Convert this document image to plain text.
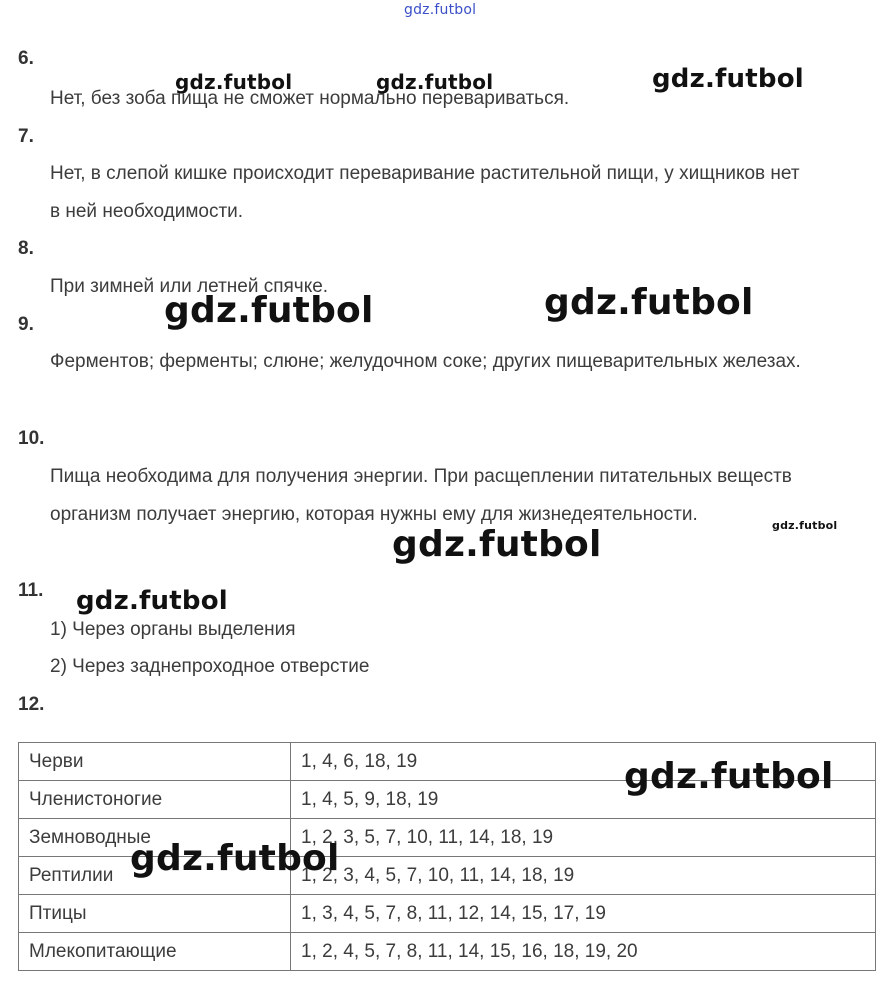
6.
Нет, без зоба пища не сможет нормально перевариваться.
7.
Нет, в слепой кишке происходит переваривание растительной пищи, у хищников нет в ней необходимости.
8.
При зимней или летней спячке.
9.
Ферментов; ферменты; слюне; желудочном соке; других пищеварительных железах.
10.
Пища необходима для получения энергии. При расщеплении питательных веществ организм получает энергию, которая нужны ему для жизнедеятельности.
11.
1) Через органы выделения
2) Через заднепроходное отверстие
12.
Черви	1, 4, 6, 18, 19
Членистоногие	1, 4, 5, 9, 18, 19
Земноводные	1, 2, 3, 5, 7, 10, 11, 14, 18, 19
Рептилии	1, 2, 3, 4, 5, 7, 10, 11, 14, 18, 19
Птицы	1, 3, 4, 5, 7, 8, 11, 12, 14, 15, 17, 19
Млекопитающие	1, 2, 4, 5, 7, 8, 11, 14, 15, 16, 18, 19, 20
gdz.futbol
gdz.futbol	gdz.futbol	gdz.futbol
gdz.futbol	gdz.futbol
gdz.futbol
gdz.futbol
gdz.futbol
gdz.futbol
gdz.futbol
